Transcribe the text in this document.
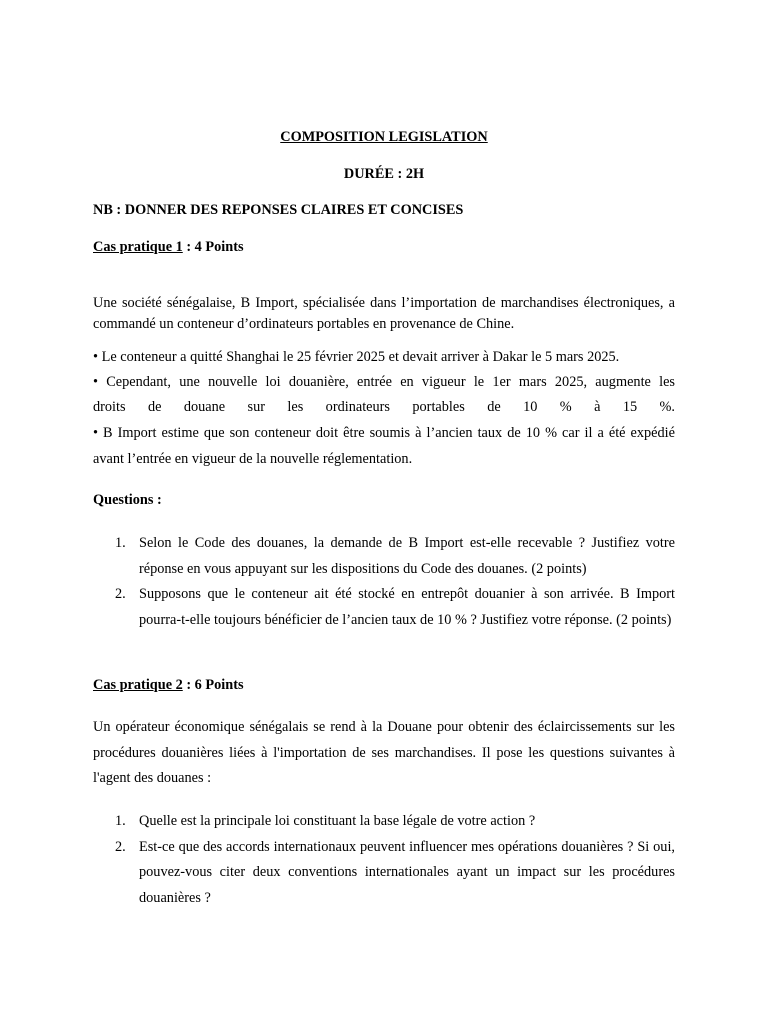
COMPOSITION LEGISLATION
DURÉE : 2H
NB : DONNER DES REPONSES CLAIRES ET CONCISES
Cas pratique 1 : 4 Points
Une société sénégalaise, B Import, spécialisée dans l’importation de marchandises électroniques, a commandé un conteneur d’ordinateurs portables en provenance de Chine.
• Le conteneur a quitté Shanghai le 25 février 2025 et devait arriver à Dakar le 5 mars 2025.
• Cependant, une nouvelle loi douanière, entrée en vigueur le 1er mars 2025, augmente les
droits de douane sur les ordinateurs portables de 10 % à 15 %.
• B Import estime que son conteneur doit être soumis à l’ancien taux de 10 % car il a été expédié avant l’entrée en vigueur de la nouvelle réglementation.
Questions :
1. Selon le Code des douanes, la demande de B Import est-elle recevable ? Justifiez votre réponse en vous appuyant sur les dispositions du Code des douanes. (2 points)
2. Supposons que le conteneur ait été stocké en entrepôt douanier à son arrivée. B Import pourra-t-elle toujours bénéficier de l’ancien taux de 10 % ? Justifiez votre réponse. (2 points)
Cas pratique 2 : 6 Points
Un opérateur économique sénégalais se rend à la Douane pour obtenir des éclaircissements sur les procédures douanières liées à l'importation de ses marchandises. Il pose les questions suivantes à l'agent des douanes :
1. Quelle est la principale loi constituant la base légale de votre action ?
2. Est-ce que des accords internationaux peuvent influencer mes opérations douanières ? Si oui, pouvez-vous citer deux conventions internationales ayant un impact sur les procédures douanières ?
